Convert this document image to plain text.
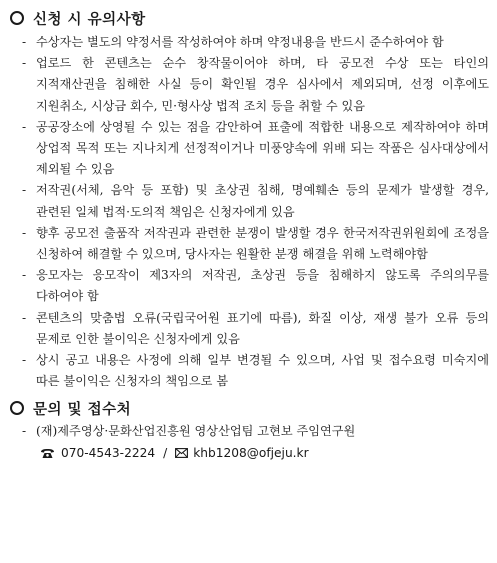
신청 시 유의사항
- 수상자는 별도의 약정서를 작성하여야 하며 약정내용을 반드시 준수하여야 함
- 업로드 한 콘텐츠는 순수 창작물이어야 하며, 타 공모전 수상 또는 타인의 지적재산권을 침해한 사실 등이 확인될 경우 심사에서 제외되며, 선정 이후에도 지원취소, 시상금 회수, 민·형사상 법적 조치 등을 취할 수 있음
- 공공장소에 상영될 수 있는 점을 감안하여 표출에 적합한 내용으로 제작하여야 하며 상업적 목적 또는 지나치게 선정적이거나 미풍양속에 위배 되는 작품은 심사대상에서 제외될 수 있음
- 저작권(서체, 음악 등 포함) 및 초상권 침해, 명예훼손 등의 문제가 발생할 경우, 관련된 일체 법적·도의적 책임은 신청자에게 있음
- 향후 공모전 출품작 저작권과 관련한 분쟁이 발생할 경우 한국저작권위원회에 조정을 신청하여 해결할 수 있으며, 당사자는 원활한 분쟁 해결을 위해 노력해야함
- 응모자는 응모작이 제3자의 저작권, 초상권 등을 침해하지 않도록 주의의무를 다하여야 함
- 콘텐츠의 맞춤법 오류(국립국어원 표기에 따름), 화질 이상, 재생 불가 오류 등의 문제로 인한 불이익은 신청자에게 있음
- 상시 공고 내용은 사정에 의해 일부 변경될 수 있으며, 사업 및 접수요령 미숙지에 따른 불이익은 신청자의 책임으로 봄
문의 및 접수처
- (재)제주영상·문화산업진흥원 영상산업팀 고현보 주임연구원
070-4543-2224 / khb1208@ofjeju.kr
